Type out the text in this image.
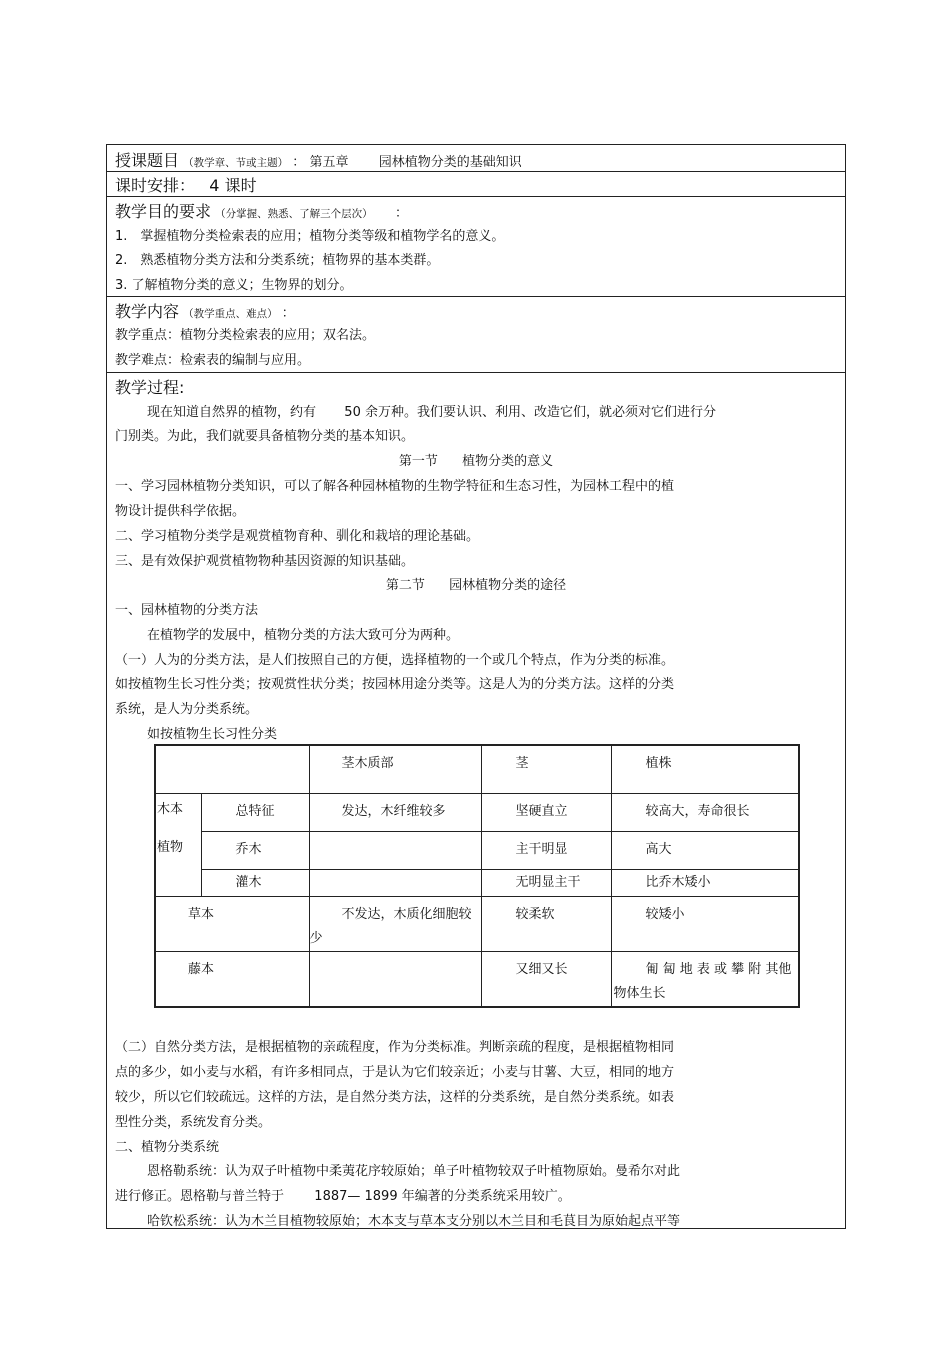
授课题目 （教学章、节或主题） ： 第五章 园林植物分类的基础知识
课时安排： 4 课时
教学目的要求 （分掌握、熟悉、了解三个层次） ：
1.　掌握植物分类检索表的应用；植物分类等级和植物学名的意义。
2.　熟悉植物分类方法和分类系统；植物界的基本类群。
3. 了解植物分类的意义；生物界的划分。
教学内容 （教学重点、难点） ：
教学重点：植物分类检索表的应用；双名法。
教学难点：检索表的编制与应用。
教学过程:
现在知道自然界的植物，约有 50 余万种。我们要认识、利用、改造它们，就必须对它们进行分
门别类。为此，我们就要具备植物分类的基本知识。
第一节 植物分类的意义
一、学习园林植物分类知识，可以了解各种园林植物的生物学特征和生态习性，为园林工程中的植
物设计提供科学依据。
二、学习植物分类学是观赏植物育种、驯化和栽培的理论基础。
三、是有效保护观赏植物物种基因资源的知识基础。
第二节 园林植物分类的途径
一、园林植物的分类方法
在植物学的发展中，植物分类的方法大致可分为两种。
（一）人为的分类方法，是人们按照自己的方便，选择植物的一个或几个特点，作为分类的标准。
如按植物生长习性分类；按观赏性状分类；按园林用途分类等。这是人为的分类方法。这样的分类
系统，是人为分类系统。
如按植物生长习性分类
		茎木质部	茎	植株

木本
植物	总特征	发达，木纤维较多	坚硬直立	较高大，寿命很长
	乔木		主干明显	高大
	灌木		无明显主干	比乔木矮小
草本		不发达，木质化细胞较少	较柔软	较矮小
藤本			又细又长	匍 匐 地 表 或 攀 附 其他物体生长
（二）自然分类方法，是根据植物的亲疏程度，作为分类标准。判断亲疏的程度，是根据植物相同
点的多少，如小麦与水稻，有许多相同点，于是认为它们较亲近；小麦与甘薯、大豆，相同的地方
较少，所以它们较疏远。这样的方法，是自然分类方法，这样的分类系统，是自然分类系统。如表
型性分类，系统发育分类。
二、植物分类系统
恩格勒系统：认为双子叶植物中柔荑花序较原始；单子叶植物较双子叶植物原始。曼希尔对此
进行修正。恩格勒与普兰特于 1887— 1899 年编著的分类系统采用较广。
哈钦松系统：认为木兰目植物较原始；木本支与草本支分别以木兰目和毛茛目为原始起点平等
